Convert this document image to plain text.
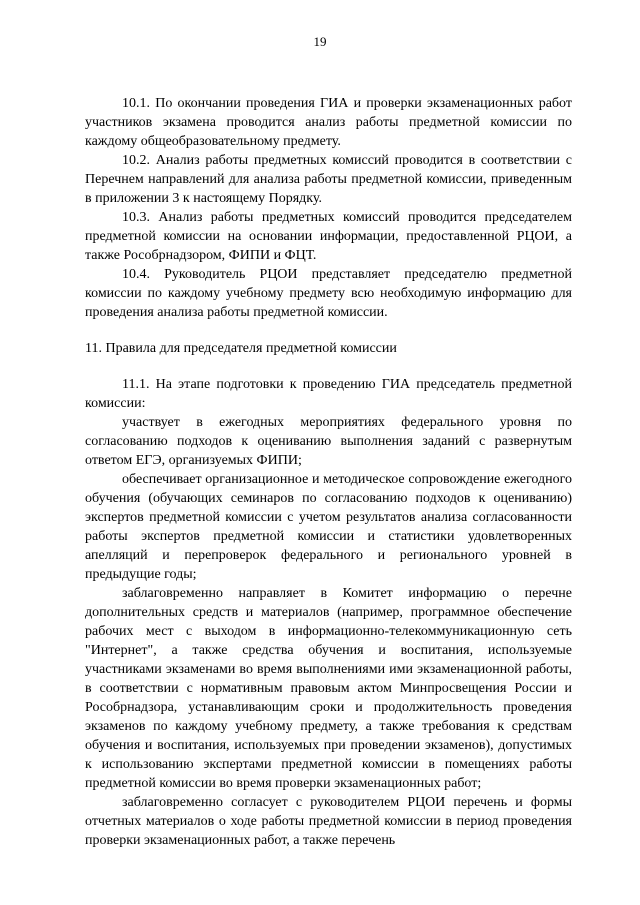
19

10.1. По окончании проведения ГИА и проверки экзаменационных работ участников экзамена проводится анализ работы предметной комиссии по каждому общеобразовательному предмету.

10.2. Анализ работы предметных комиссий проводится в соответствии с Перечнем направлений для анализа работы предметной комиссии, приведенным в приложении 3 к настоящему Порядку.

10.3. Анализ работы предметных комиссий проводится председателем предметной комиссии на основании информации, предоставленной РЦОИ, а также Рособрнадзором, ФИПИ и ФЦТ.

10.4. Руководитель РЦОИ представляет председателю предметной комиссии по каждому учебному предмету всю необходимую информацию для проведения анализа работы предметной комиссии.

11. Правила для председателя предметной комиссии

11.1. На этапе подготовки к проведению ГИА председатель предметной комиссии:

участвует в ежегодных мероприятиях федерального уровня по согласованию подходов к оцениванию выполнения заданий с развернутым ответом ЕГЭ, организуемых ФИПИ;

обеспечивает организационное и методическое сопровождение ежегодного обучения (обучающих семинаров по согласованию подходов к оцениванию) экспертов предметной комиссии с учетом результатов анализа согласованности работы экспертов предметной комиссии и статистики удовлетворенных апелляций и перепроверок федерального и регионального уровней в предыдущие годы;

заблаговременно направляет в Комитет информацию о перечне дополнительных средств и материалов (например, программное обеспечение рабочих мест с выходом в информационно-телекоммуникационную сеть "Интернет", а также средства обучения и воспитания, используемые участниками экзаменами во время выполнениями ими экзаменационной работы, в соответствии с нормативным правовым актом Минпросвещения России и Рособрнадзора, устанавливающим сроки и продолжительность проведения экзаменов по каждому учебному предмету, а также требования к средствам обучения и воспитания, используемых при проведении экзаменов), допустимых к использованию экспертами предметной комиссии в помещениях работы предметной комиссии во время проверки экзаменационных работ;

заблаговременно согласует с руководителем РЦОИ перечень и формы отчетных материалов о ходе работы предметной комиссии в период проведения проверки экзаменационных работ, а также перечень
